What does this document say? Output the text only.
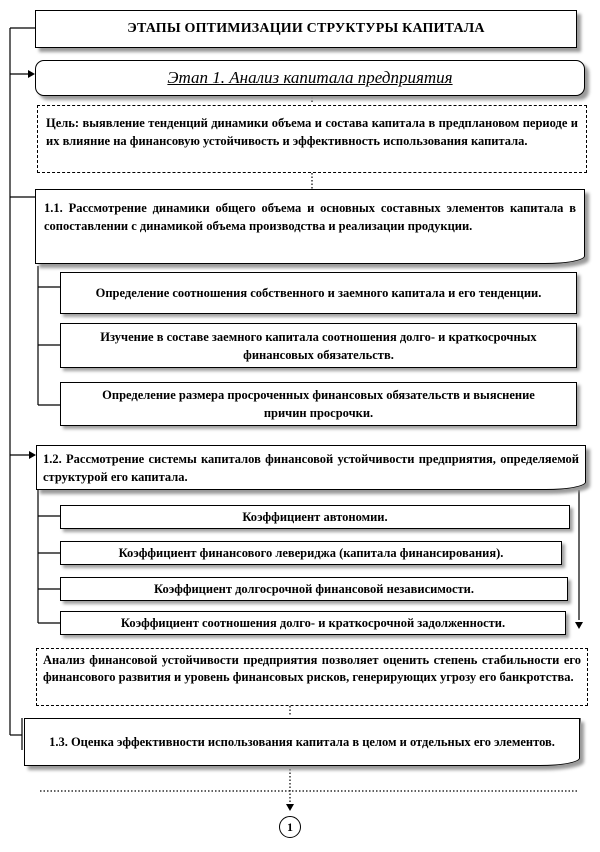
ЭТАПЫ ОПТИМИЗАЦИИ СТРУКТУРЫ КАПИТАЛА
Этап 1. Анализ капитала предприятия
Цель: выявление тенденций динамики объема и состава капитала в предплановом периоде и их влияние на финансовую устойчивость и эффективность использования капитала.
1.1. Рассмотрение динамики общего объема и основных составных элементов капитала в сопоставлении с динамикой объема производства и реализации продукции.
Определение соотношения собственного и заемного капитала и его тенденции.
Изучение в составе заемного капитала соотношения долго- и краткосрочных финансовых обязательств.
Определение размера просроченных финансовых обязательств и выяснение причин просрочки.
1.2. Рассмотрение системы капиталов финансовой устойчивости предприятия, определяемой структурой его капитала.
Коэффициент автономии.
Коэффициент финансового левериджа (капитала финансирования).
Коэффициент долгосрочной финансовой независимости.
Коэффициент соотношения долго- и краткосрочной задолженности.
Анализ финансовой устойчивости предприятия позволяет оценить степень стабильности его финансового развития и уровень финансовых рисков, генерирующих угрозу его банкротства.
1.3. Оценка эффективности использования капитала в целом и отдельных его элементов.
1
